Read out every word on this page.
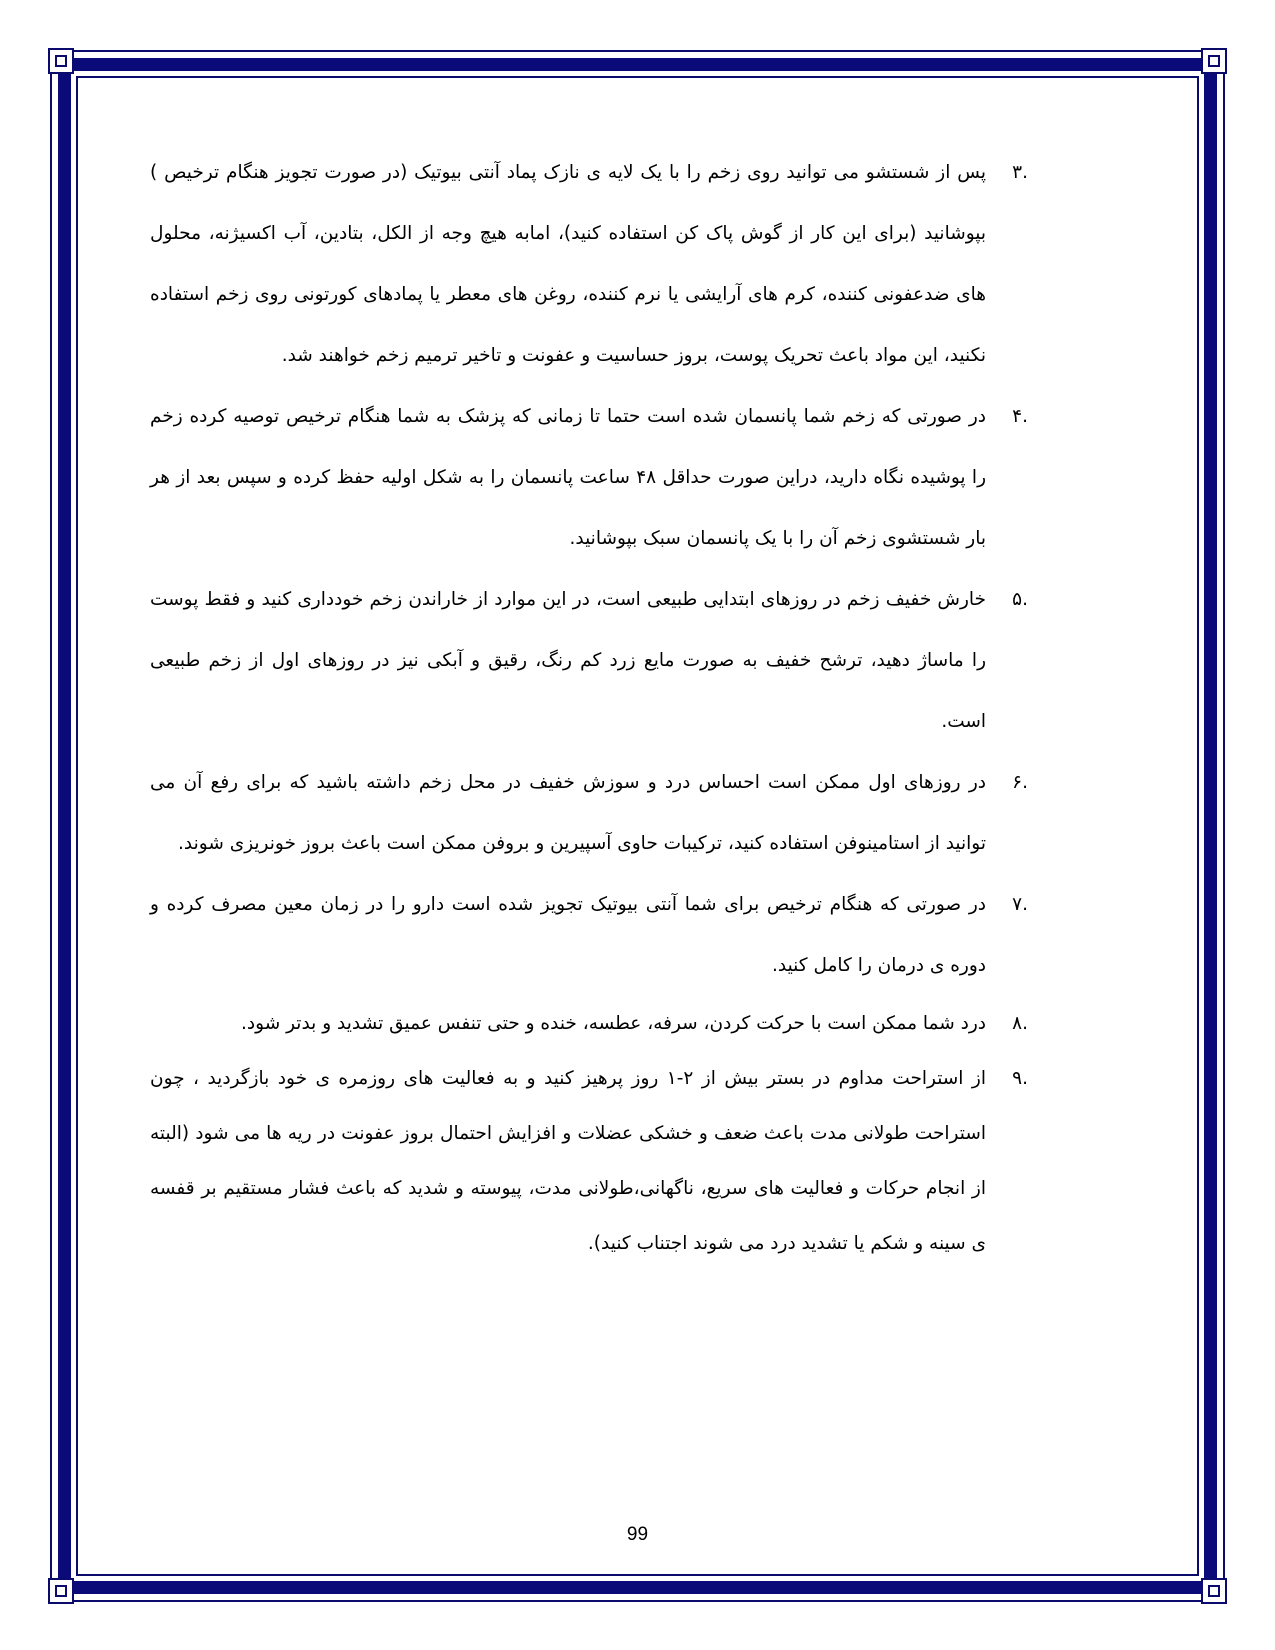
.۳
پس از شستشو می توانید روی زخم را با یک لایه ی نازک پماد آنتی بیوتیک (در صورت تجویز هنگام ترخیص ) بپوشانید (برای این کار از گوش پاک کن استفاده کنید)، امابه هیچ وجه از الکل، بتادین، آب اکسیژنه، محلول های ضدعفونی کننده، کرم های آرایشی یا نرم کننده، روغن های معطر یا پمادهای کورتونی روی زخم استفاده نکنید، این مواد باعث تحریک پوست، بروز حساسیت و عفونت و تاخیر ترمیم زخم خواهند شد.
.۴
در صورتی که زخم شما پانسمان شده است حتما تا زمانی که پزشک به شما هنگام ترخیص توصیه کرده زخم را پوشیده نگاه دارید، دراین صورت حداقل ۴۸ ساعت پانسمان را به شکل اولیه حفظ کرده و سپس بعد از هر بار شستشوی زخم آن را با یک پانسمان سبک بپوشانید.
.۵
خارش خفیف زخم در روزهای ابتدایی طبیعی است، در این موارد از خاراندن زخم خودداری کنید و فقط پوست را ماساژ دهید، ترشح خفیف به صورت مایع زرد کم رنگ، رقیق و آبکی نیز در روزهای اول از زخم طبیعی است.
.۶
در روزهای اول ممکن است احساس درد و سوزش خفیف در محل زخم داشته باشید که برای رفع آن می توانید از استامینوفن استفاده کنید، ترکیبات حاوی آسپیرین و بروفن ممکن است باعث بروز خونریزی شوند.
.۷
در صورتی که هنگام ترخیص برای شما آنتی بیوتیک تجویز شده است دارو را در زمان معین مصرف کرده و دوره ی درمان را کامل کنید.
.۸
درد شما ممکن است با حرکت کردن، سرفه، عطسه، خنده و حتی تنفس عمیق تشدید و بدتر شود.
.۹
از استراحت مداوم در بستر بیش از ۲-۱ روز پرهیز کنید و به فعالیت های روزمره ی خود بازگردید ، چون استراحت طولانی مدت باعث ضعف و خشکی عضلات و افزایش احتمال بروز عفونت در ریه ها می شود (البته از انجام حرکات و فعالیت های سریع، ناگهانی،طولانی مدت، پیوسته و شدید که باعث فشار مستقیم بر قفسه ی سینه و شکم یا تشدید درد می شوند اجتناب کنید).
99
